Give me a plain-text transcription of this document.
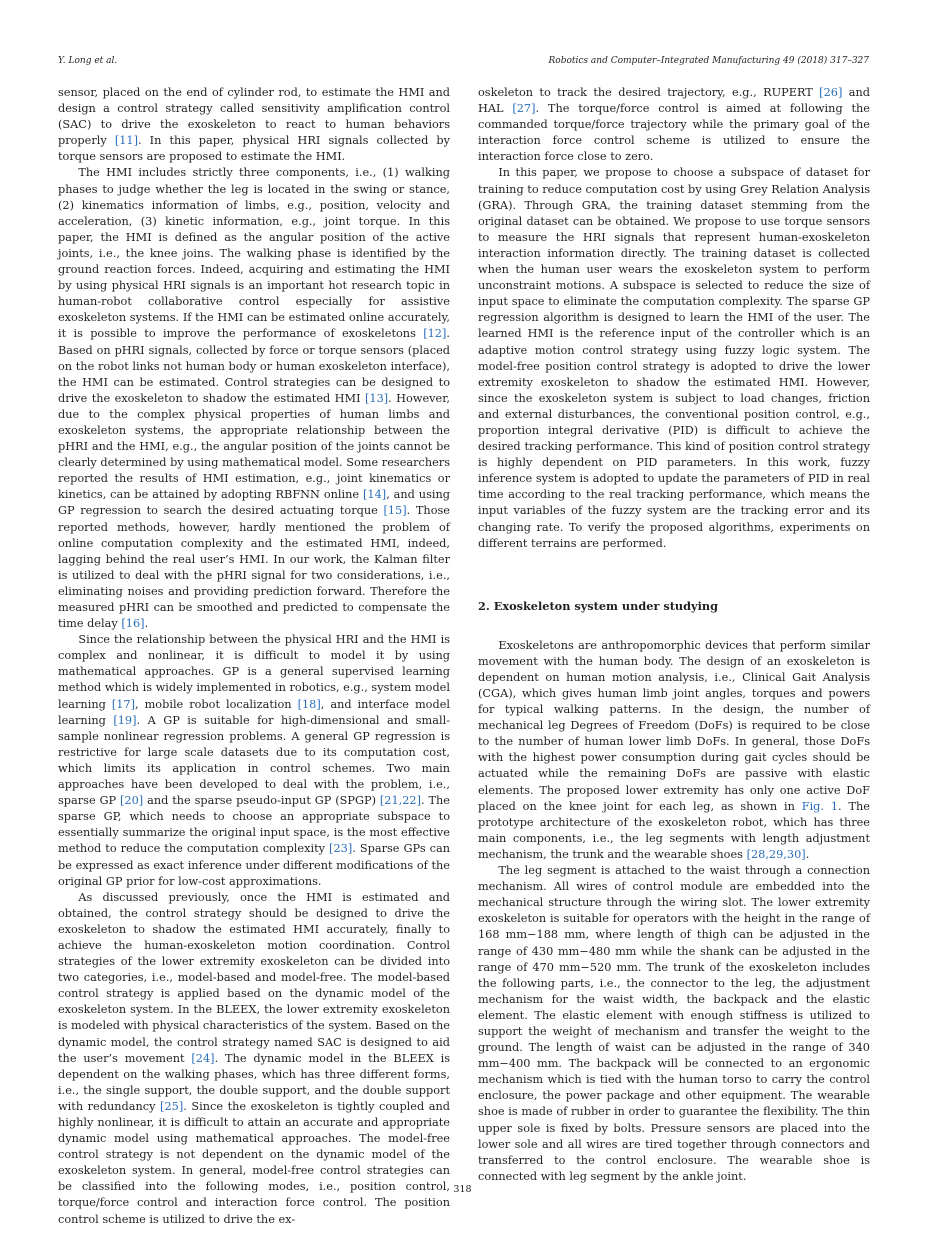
Y. Long et al.	Robotics and Computer–Integrated Manufacturing 49 (2018) 317–327

sensor, placed on the end of cylinder rod, to estimate the HMI and design a control strategy called sensitivity amplification control (SAC) to drive the exoskeleton to react to human behaviors properly [11]. In this paper, physical HRI signals collected by torque sensors are proposed to estimate the HMI.

The HMI includes strictly three components, i.e., (1) walking phases to judge whether the leg is located in the swing or stance, (2) kinematics information of limbs, e.g., position, velocity and acceleration, (3) kinetic information, e.g., joint torque. In this paper, the HMI is defined as the angular position of the active joints, i.e., the knee joins. The walking phase is identified by the ground reaction forces. Indeed, acquiring and estimating the HMI by using physical HRI signals is an important hot research topic in human-robot collaborative control especially for assistive exoskeleton systems. If the HMI can be estimated online accurately, it is possible to improve the performance of exoskeletons [12]. Based on pHRI signals, collected by force or torque sensors (placed on the robot links not human body or human exoskeleton interface), the HMI can be estimated. Control strategies can be designed to drive the exoskeleton to shadow the estimated HMI [13]. However, due to the complex physical properties of human limbs and exoskeleton systems, the appropriate relationship between the pHRI and the HMI, e.g., the angular position of the joints cannot be clearly determined by using mathematical model. Some researchers reported the results of HMI estimation, e.g., joint kinematics or kinetics, can be attained by adopting RBFNN online [14], and using GP regression to search the desired actuating torque [15]. Those reported methods, however, hardly mentioned the problem of online computation complexity and the estimated HMI, indeed, lagging behind the real user’s HMI. In our work, the Kalman filter is utilized to deal with the pHRI signal for two considerations, i.e., eliminating noises and providing prediction forward. Therefore the measured pHRI can be smoothed and predicted to compensate the time delay [16].

Since the relationship between the physical HRI and the HMI is complex and nonlinear, it is difficult to model it by using mathematical approaches. GP is a general supervised learning method which is widely implemented in robotics, e.g., system model learning [17], mobile robot localization [18], and interface model learning [19]. A GP is suitable for high-dimensional and small-sample nonlinear regression problems. A general GP regression is restrictive for large scale datasets due to its computation cost, which limits its application in control schemes. Two main approaches have been developed to deal with the problem, i.e., sparse GP [20] and the sparse pseudo-input GP (SPGP) [21,22]. The sparse GP, which needs to choose an appropriate subspace to essentially summarize the original input space, is the most effective method to reduce the computation complexity [23]. Sparse GPs can be expressed as exact inference under different modifications of the original GP prior for low-cost approximations.

As discussed previously, once the HMI is estimated and obtained, the control strategy should be designed to drive the exoskeleton to shadow the estimated HMI accurately, finally to achieve the human-exoskeleton motion coordination. Control strategies of the lower extremity exoskeleton can be divided into two categories, i.e., model-based and model-free. The model-based control strategy is applied based on the dynamic model of the exoskeleton system. In the BLEEX, the lower extremity exoskeleton is modeled with physical characteristics of the system. Based on the dynamic model, the control strategy named SAC is designed to aid the user’s movement [24]. The dynamic model in the BLEEX is dependent on the walking phases, which has three different forms, i.e., the single support, the double support, and the double support with redundancy [25]. Since the exoskeleton is tightly coupled and highly nonlinear, it is difficult to attain an accurate and appropriate dynamic model using mathematical approaches. The model-free control strategy is not dependent on the dynamic model of the exoskeleton system. In general, model-free control strategies can be classified into the following modes, i.e., position control, torque/force control and interaction force control. The position control scheme is utilized to drive the ex-

oskeleton to track the desired trajectory, e.g., RUPERT [26] and HAL [27]. The torque/force control is aimed at following the commanded torque/force trajectory while the primary goal of the interaction force control scheme is utilized to ensure the interaction force close to zero.

In this paper, we propose to choose a subspace of dataset for training to reduce computation cost by using Grey Relation Analysis (GRA). Through GRA, the training dataset stemming from the original dataset can be obtained. We propose to use torque sensors to measure the HRI signals that represent human-exoskeleton interaction information directly. The training dataset is collected when the human user wears the exoskeleton system to perform unconstraint motions. A subspace is selected to reduce the size of input space to eliminate the computation complexity. The sparse GP regression algorithm is designed to learn the HMI of the user. The learned HMI is the reference input of the controller which is an adaptive motion control strategy using fuzzy logic system. The model-free position control strategy is adopted to drive the lower extremity exoskeleton to shadow the estimated HMI. However, since the exoskeleton system is subject to load changes, friction and external disturbances, the conventional position control, e.g., proportion integral derivative (PID) is difficult to achieve the desired tracking performance. This kind of position control strategy is highly dependent on PID parameters. In this work, fuzzy inference system is adopted to update the parameters of PID in real time according to the real tracking performance, which means the input variables of the fuzzy system are the tracking error and its changing rate. To verify the proposed algorithms, experiments on different terrains are performed.

2. Exoskeleton system under studying

Exoskeletons are anthropomorphic devices that perform similar movement with the human body. The design of an exoskeleton is dependent on human motion analysis, i.e., Clinical Gait Analysis (CGA), which gives human limb joint angles, torques and powers for typical walking patterns. In the design, the number of mechanical leg Degrees of Freedom (DoFs) is required to be close to the number of human lower limb DoFs. In general, those DoFs with the highest power consumption during gait cycles should be actuated while the remaining DoFs are passive with elastic elements. The proposed lower extremity has only one active DoF placed on the knee joint for each leg, as shown in Fig. 1. The prototype architecture of the exoskeleton robot, which has three main components, i.e., the leg segments with length adjustment mechanism, the trunk and the wearable shoes [28,29,30].

The leg segment is attached to the waist through a connection mechanism. All wires of control module are embedded into the mechanical structure through the wiring slot. The lower extremity exoskeleton is suitable for operators with the height in the range of 168 mm−188 mm, where length of thigh can be adjusted in the range of 430 mm−480 mm while the shank can be adjusted in the range of 470 mm−520 mm. The trunk of the exoskeleton includes the following parts, i.e., the connector to the leg, the adjustment mechanism for the waist width, the backpack and the elastic element. The elastic element with enough stiffness is utilized to support the weight of mechanism and transfer the weight to the ground. The length of waist can be adjusted in the range of 340 mm−400 mm. The backpack will be connected to an ergonomic mechanism which is tied with the human torso to carry the control enclosure, the power package and other equipment. The wearable shoe is made of rubber in order to guarantee the flexibility. The thin upper sole is fixed by bolts. Pressure sensors are placed into the lower sole and all wires are tired together through connectors and transferred to the control enclosure. The wearable shoe is connected with leg segment by the ankle joint.

318
